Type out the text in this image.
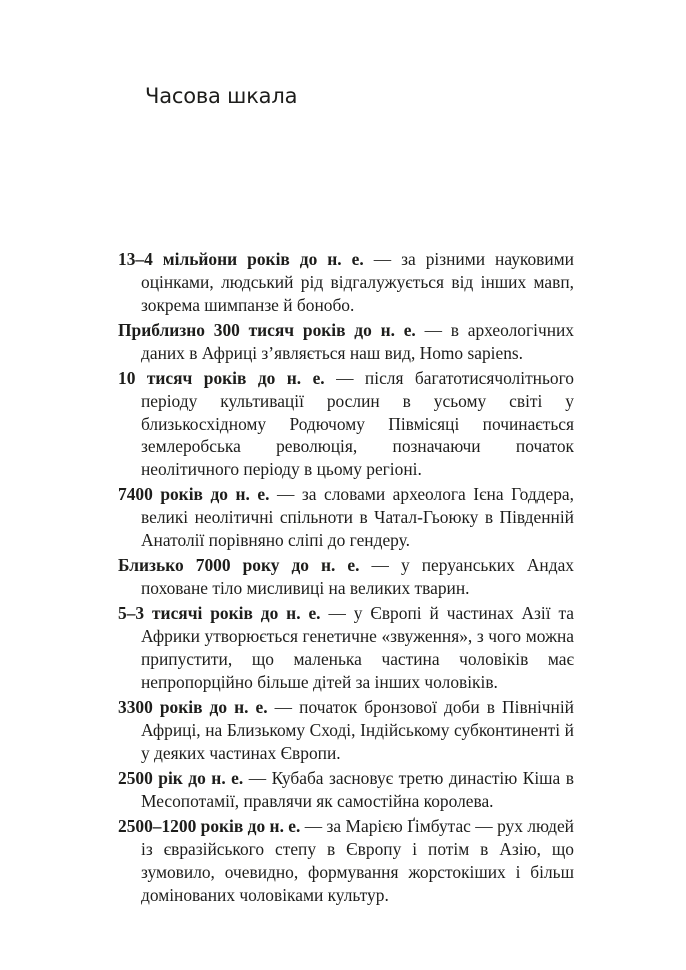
Часова шкала

13–4 мільйони років до н. е. — за різними науковими оцінками, людський рід відгалужується від інших мавп, зокрема шимпанзе й бонобо.

Приблизно 300 тисяч років до н. е. — в археологічних даних в Африці з’являється наш вид, Homo sapiens.

10 тисяч років до н. е. — після багатотисячолітнього періоду культивації рослин в усьому світі у близькосхідному Родючому Півмісяці починається землеробська революція, позначаючи початок неолітичного періоду в цьому регіоні.

7400 років до н. е. — за словами археолога Ієна Годдера, великі неолітичні спільноти в Чатал-Гьоюку в Південній Анатолії порівняно сліпі до гендеру.

Близько 7000 року до н. е. — у перуанських Андах поховане тіло мисливиці на великих тварин.

5–3 тисячі років до н. е. — у Європі й частинах Азії та Африки утворюється генетичне «звуження», з чого можна припустити, що маленька частина чоловіків має непропорційно більше дітей за інших чоловіків.

3300 років до н. е. — початок бронзової доби в Північній Африці, на Близькому Сході, Індійському субконтиненті й у деяких частинах Європи.

2500 рік до н. е. — Кубаба засновує третю династію Кіша в Месопотамії, правлячи як самостійна королева.

2500–1200 років до н. е. — за Марією Ґімбутас — рух людей із євразійського степу в Європу і потім в Азію, що зумовило, очевидно, формування жорстокіших і більш домінованих чоловіками культур.
